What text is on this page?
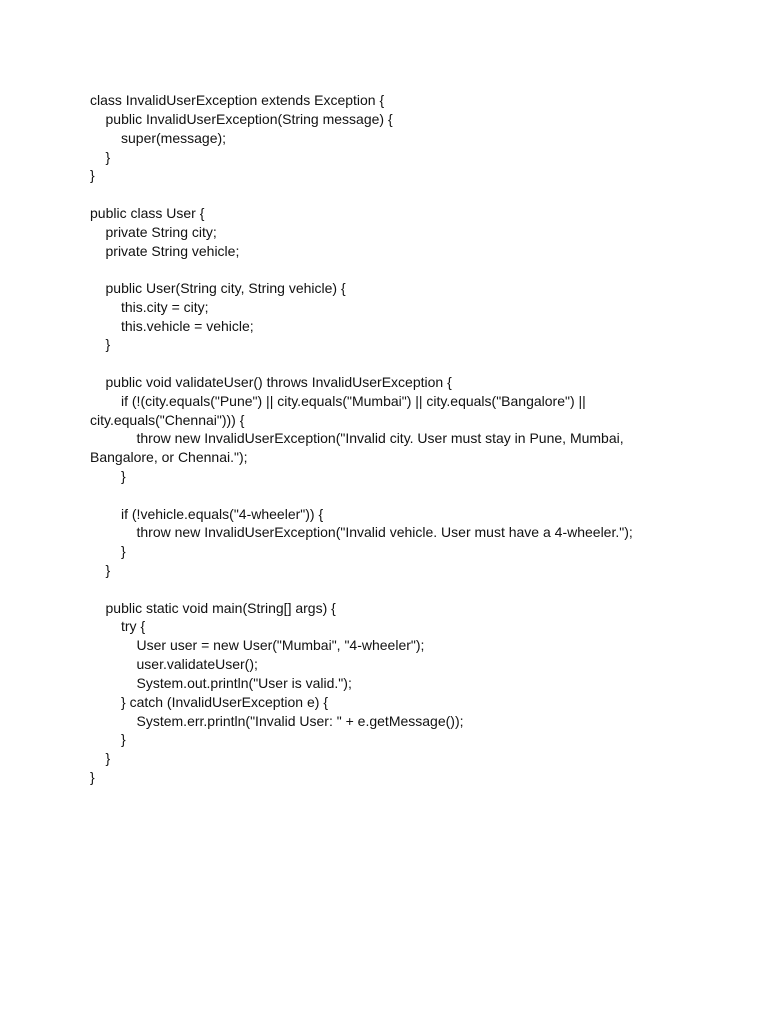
class InvalidUserException extends Exception {
public InvalidUserException(String message) {
super(message);
}
}
public class User {
private String city;
private String vehicle;
public User(String city, String vehicle) {
this.city = city;
this.vehicle = vehicle;
}
public void validateUser() throws InvalidUserException {
if (!(city.equals("Pune") || city.equals("Mumbai") || city.equals("Bangalore") ||
city.equals("Chennai"))) {
throw new InvalidUserException("Invalid city. User must stay in Pune, Mumbai,
Bangalore, or Chennai.");
}
if (!vehicle.equals("4-wheeler")) {
throw new InvalidUserException("Invalid vehicle. User must have a 4-wheeler.");
}
}
public static void main(String[] args) {
try {
User user = new User("Mumbai", "4-wheeler");
user.validateUser();
System.out.println("User is valid.");
} catch (InvalidUserException e) {
System.err.println("Invalid User: " + e.getMessage());
}
}
}
